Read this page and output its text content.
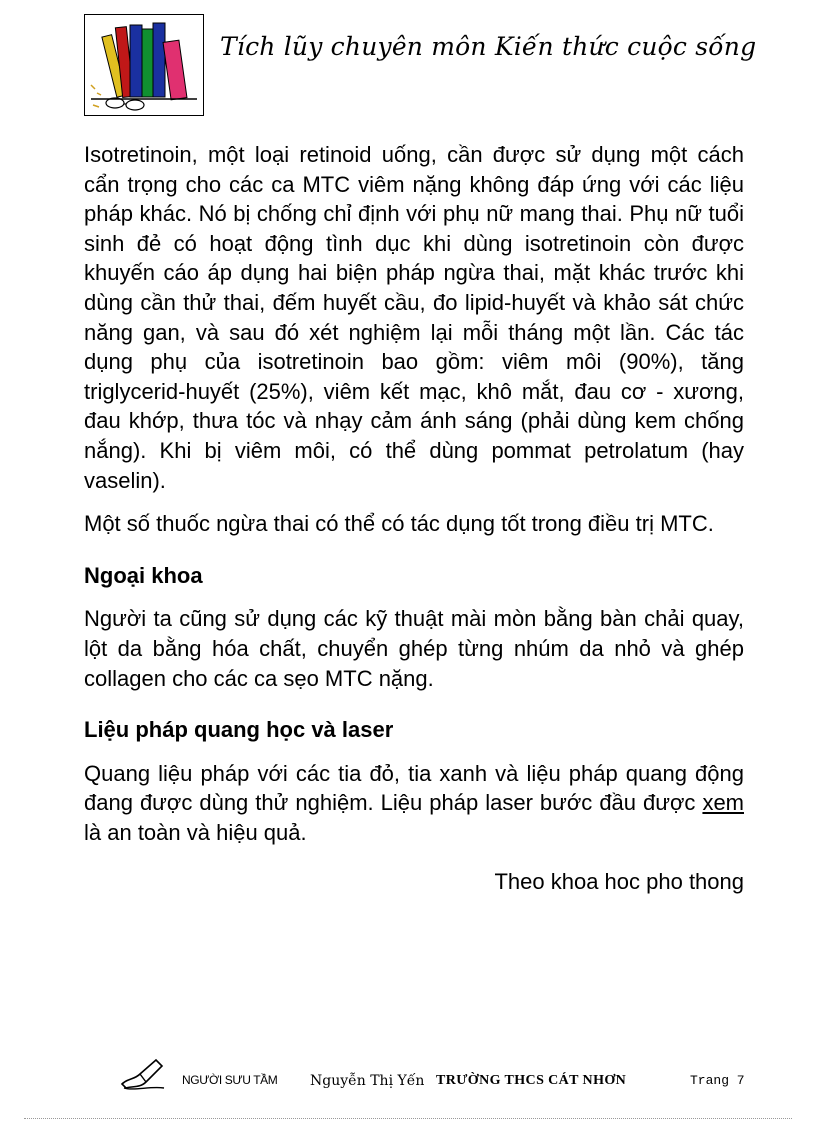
Tích lũy chuyên môn Kiến thức cuộc sống

Isotretinoin, một loại retinoid uống, cần được sử dụng một cách cẩn trọng cho các ca MTC viêm nặng không đáp ứng với các liệu pháp khác. Nó bị chống chỉ định với phụ nữ mang thai. Phụ nữ tuổi sinh đẻ có hoạt động tình dục khi dùng isotretinoin còn được khuyến cáo áp dụng hai biện pháp ngừa thai, mặt khác trước khi dùng cần thử thai, đếm huyết cầu, đo lipid-huyết và khảo sát chức năng gan, và sau đó xét nghiệm lại mỗi tháng một lần. Các tác dụng phụ của isotretinoin bao gồm: viêm môi (90%), tăng triglycerid-huyết (25%), viêm kết mạc, khô mắt, đau cơ - xương, đau khớp, thưa tóc và nhạy cảm ánh sáng (phải dùng kem chống nắng). Khi bị viêm môi, có thể dùng pommat petrolatum (hay vaselin).

Một số thuốc ngừa thai có thể có tác dụng tốt trong điều trị MTC.

Ngoại khoa

Người ta cũng sử dụng các kỹ thuật mài mòn bằng bàn chải quay, lột da bằng hóa chất, chuyển ghép từng nhúm da nhỏ và ghép collagen cho các ca sẹo MTC nặng.

Liệu pháp quang học và laser

Quang liệu pháp với các tia đỏ, tia xanh và liệu pháp quang động đang được dùng thử nghiệm. Liệu pháp laser bước đầu được xem là an toàn và hiệu quả.

Theo khoa hoc pho thong

NGƯỜI SƯU TẦM Nguyễn Thị Yến TRƯỜNG THCS CÁT NHƠN	Trang 7
